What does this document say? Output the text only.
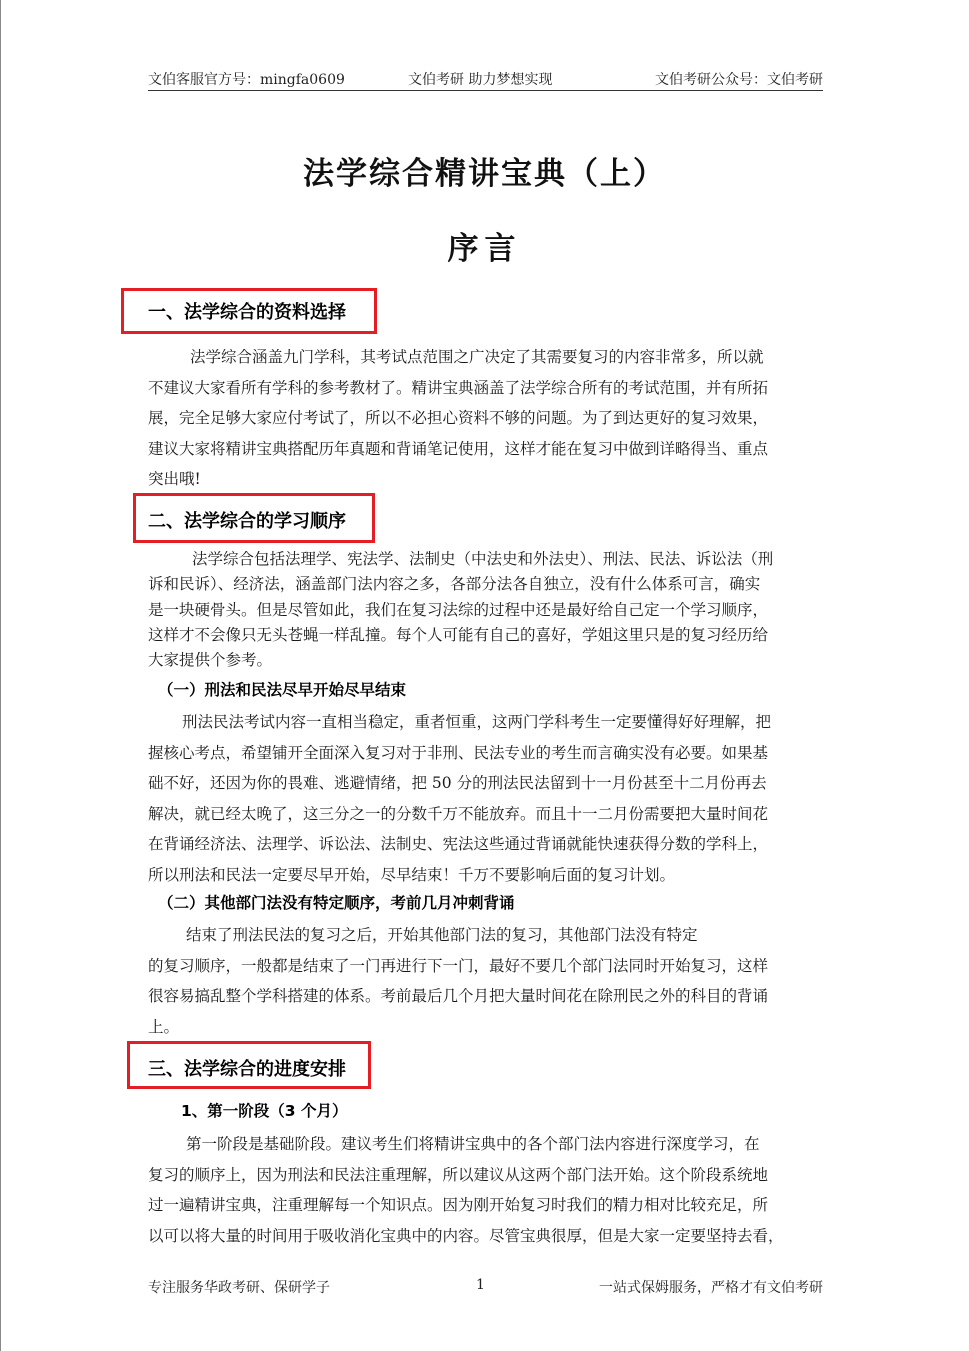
文伯客服官方号：mingfa0609	文伯考研 助力梦想实现	文伯考研公众号：文伯考研
法学综合精讲宝典（上）
序言
一、法学综合的资料选择
法学综合涵盖九门学科，其考试点范围之广决定了其需要复习的内容非常多，所以就
不建议大家看所有学科的参考教材了。精讲宝典涵盖了法学综合所有的考试范围，并有所拓
展，完全足够大家应付考试了，所以不必担心资料不够的问题。为了到达更好的复习效果，
建议大家将精讲宝典搭配历年真题和背诵笔记使用，这样才能在复习中做到详略得当、重点
突出哦!
二、法学综合的学习顺序
法学综合包括法理学、宪法学、法制史（中法史和外法史）、刑法、民法、诉讼法（刑
诉和民诉）、经济法，涵盖部门法内容之多，各部分法各自独立，没有什么体系可言，确实
是一块硬骨头。但是尽管如此，我们在复习法综的过程中还是最好给自己定一个学习顺序，
这样才不会像只无头苍蝇一样乱撞。每个人可能有自己的喜好，学姐这里只是的复习经历给
大家提供个参考。
（一）刑法和民法尽早开始尽早结束
刑法民法考试内容一直相当稳定，重者恒重，这两门学科考生一定要懂得好好理解，把
握核心考点，希望铺开全面深入复习对于非刑、民法专业的考生而言确实没有必要。如果基
础不好，还因为你的畏难、逃避情绪，把 50 分的刑法民法留到十一月份甚至十二月份再去
解决，就已经太晚了，这三分之一的分数千万不能放弃。而且十一二月份需要把大量时间花
在背诵经济法、法理学、诉讼法、法制史、宪法这些通过背诵就能快速获得分数的学科上，
所以刑法和民法一定要尽早开始，尽早结束！千万不要影响后面的复习计划。
（二）其他部门法没有特定顺序，考前几月冲刺背诵
结束了刑法民法的复习之后，开始其他部门法的复习，其他部门法没有特定
的复习顺序，一般都是结束了一门再进行下一门，最好不要几个部门法同时开始复习，这样
很容易搞乱整个学科搭建的体系。考前最后几个月把大量时间花在除刑民之外的科目的背诵
上。
三、法学综合的进度安排
1、第一阶段（3 个月）
第一阶段是基础阶段。建议考生们将精讲宝典中的各个部门法内容进行深度学习，在
复习的顺序上，因为刑法和民法注重理解，所以建议从这两个部门法开始。这个阶段系统地
过一遍精讲宝典，注重理解每一个知识点。因为刚开始复习时我们的精力相对比较充足，所
以可以将大量的时间用于吸收消化宝典中的内容。尽管宝典很厚，但是大家一定要坚持去看，
专注服务华政考研、保研学子	1	一站式保姆服务，严格才有文伯考研
